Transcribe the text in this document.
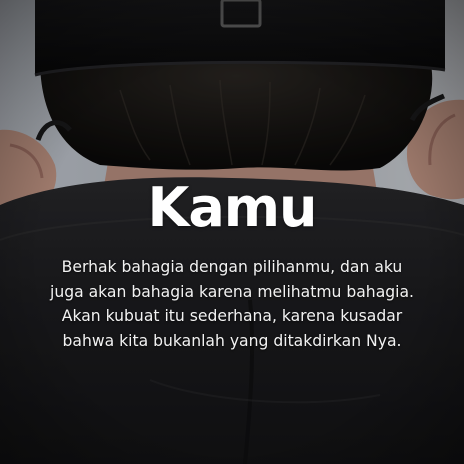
Kamu
Berhak bahagia dengan pilihanmu, dan aku
juga akan bahagia karena melihatmu bahagia.
Akan kubuat itu sederhana, karena kusadar
bahwa kita bukanlah yang ditakdirkan Nya.
